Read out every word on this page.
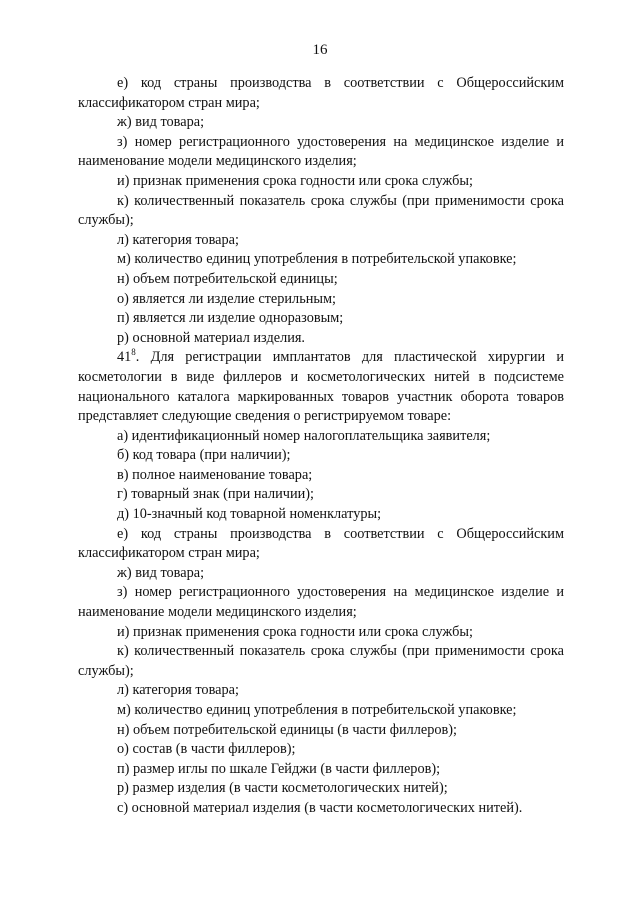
16

е) код страны производства в соответствии с Общероссийским классификатором стран мира;

ж) вид товара;

з) номер регистрационного удостоверения на медицинское изделие и наименование модели медицинского изделия;

и) признак применения срока годности или срока службы;

к) количественный показатель срока службы (при применимости срока службы);

л) категория товара;

м) количество единиц употребления в потребительской упаковке;

н) объем потребительской единицы;

о) является ли изделие стерильным;

п) является ли изделие одноразовым;

р) основной материал изделия.

$41^8$. Для регистрации имплантатов для пластической хирургии и косметологии в виде филлеров и косметологических нитей в подсистеме национального каталога маркированных товаров участник оборота товаров представляет следующие сведения о регистрируемом товаре:

а) идентификационный номер налогоплательщика заявителя;

б) код товара (при наличии);

в) полное наименование товара;

г) товарный знак (при наличии);

д) 10-значный код товарной номенклатуры;

е) код страны производства в соответствии с Общероссийским классификатором стран мира;

ж) вид товара;

з) номер регистрационного удостоверения на медицинское изделие и наименование модели медицинского изделия;

и) признак применения срока годности или срока службы;

к) количественный показатель срока службы (при применимости срока службы);

л) категория товара;

м) количество единиц употребления в потребительской упаковке;

н) объем потребительской единицы (в части филлеров);

о) состав (в части филлеров);

п) размер иглы по шкале Гейджи (в части филлеров);

р) размер изделия (в части косметологических нитей);

с) основной материал изделия (в части косметологических нитей).
